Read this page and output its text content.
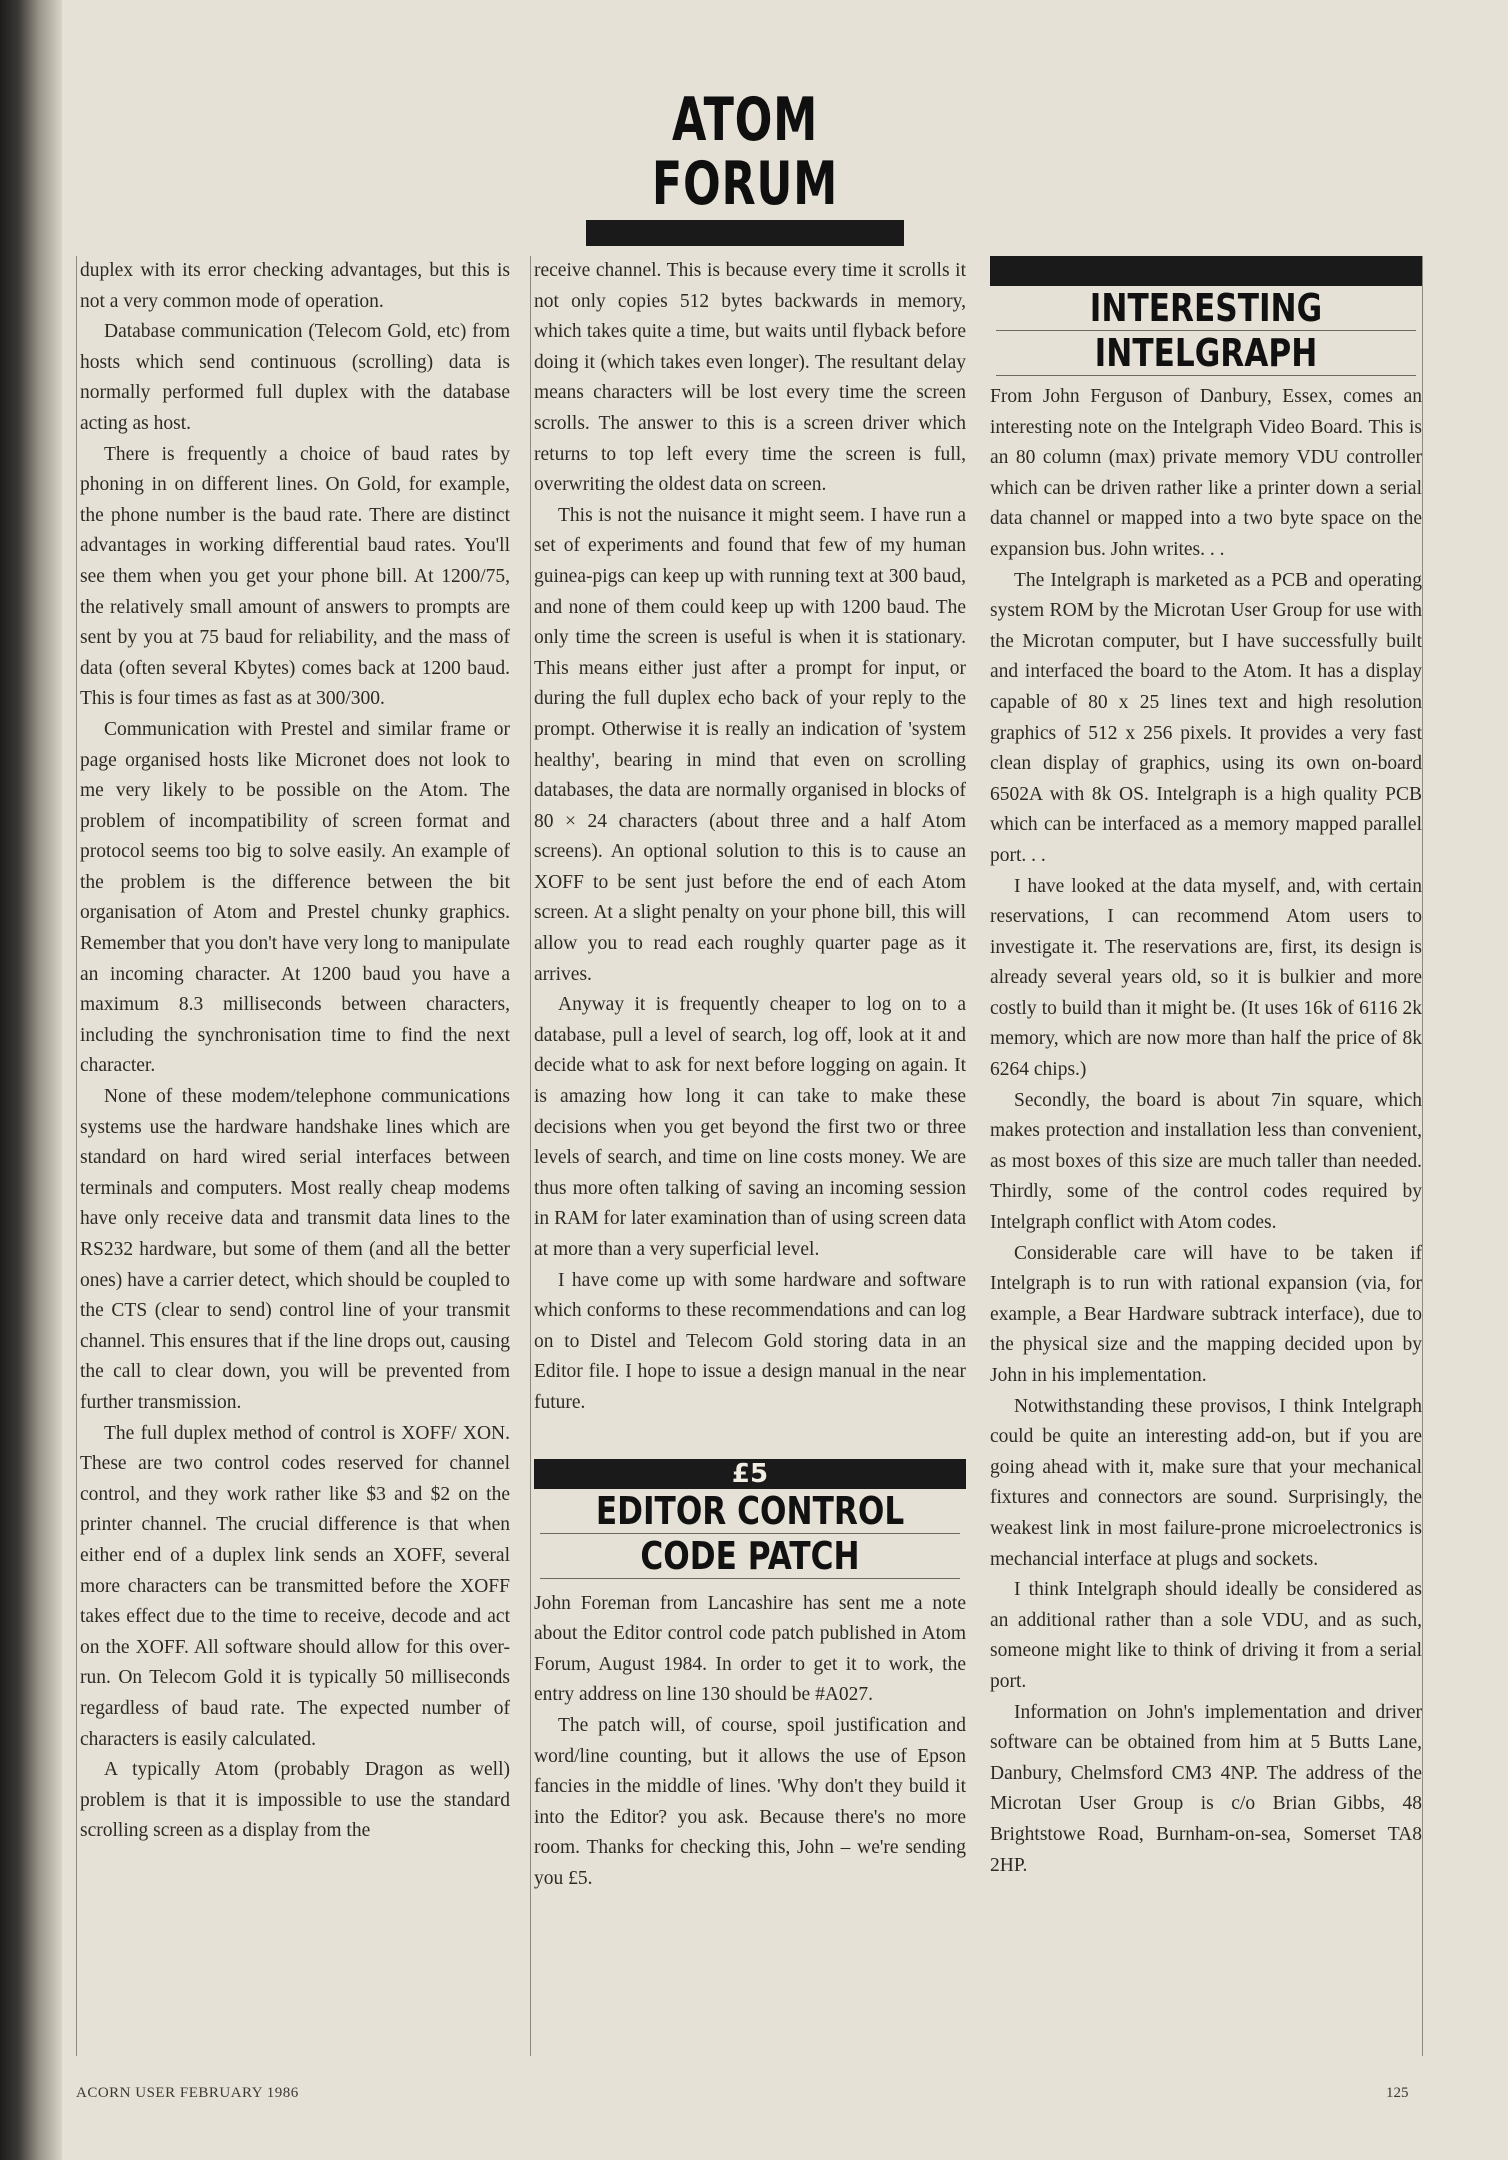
ATOM FORUM

duplex with its error checking advantages, but this is not a very common mode of operation.

Database communication (Telecom Gold, etc) from hosts which send continuous (scrolling) data is normally performed full duplex with the database acting as host.

There is frequently a choice of baud rates by phoning in on different lines. On Gold, for example, the phone number is the baud rate. There are distinct advantages in working differential baud rates. You'll see them when you get your phone bill. At 1200/75, the relatively small amount of answers to prompts are sent by you at 75 baud for reliability, and the mass of data (often several Kbytes) comes back at 1200 baud. This is four times as fast as at 300/300.

Communication with Prestel and similar frame or page organised hosts like Micronet does not look to me very likely to be possible on the Atom. The problem of incompatibility of screen format and protocol seems too big to solve easily. An example of the problem is the difference between the bit organisation of Atom and Prestel chunky graphics. Remember that you don't have very long to manipulate an incoming character. At 1200 baud you have a maximum 8.3 milliseconds between characters, including the synchronisation time to find the next character.

None of these modem/telephone communications systems use the hardware handshake lines which are standard on hard wired serial interfaces between terminals and computers. Most really cheap modems have only receive data and transmit data lines to the RS232 hardware, but some of them (and all the better ones) have a carrier detect, which should be coupled to the CTS (clear to send) control line of your transmit channel. This ensures that if the line drops out, causing the call to clear down, you will be prevented from further transmission.

The full duplex method of control is XOFF/ XON. These are two control codes reserved for channel control, and they work rather like $3 and $2 on the printer channel. The crucial difference is that when either end of a duplex link sends an XOFF, several more characters can be transmitted before the XOFF takes effect due to the time to receive, decode and act on the XOFF. All software should allow for this over-run. On Telecom Gold it is typically 50 milliseconds regardless of baud rate. The expected number of characters is easily calculated.

A typically Atom (probably Dragon as well) problem is that it is impossible to use the standard scrolling screen as a display from the

receive channel. This is because every time it scrolls it not only copies 512 bytes backwards in memory, which takes quite a time, but waits until flyback before doing it (which takes even longer). The resultant delay means characters will be lost every time the screen scrolls. The answer to this is a screen driver which returns to top left every time the screen is full, overwriting the oldest data on screen.

This is not the nuisance it might seem. I have run a set of experiments and found that few of my human guinea-pigs can keep up with running text at 300 baud, and none of them could keep up with 1200 baud. The only time the screen is useful is when it is stationary. This means either just after a prompt for input, or during the full duplex echo back of your reply to the prompt. Otherwise it is really an indication of 'system healthy', bearing in mind that even on scrolling databases, the data are normally organised in blocks of 80 × 24 characters (about three and a half Atom screens). An optional solution to this is to cause an XOFF to be sent just before the end of each Atom screen. At a slight penalty on your phone bill, this will allow you to read each roughly quarter page as it arrives.

Anyway it is frequently cheaper to log on to a database, pull a level of search, log off, look at it and decide what to ask for next before logging on again. It is amazing how long it can take to make these decisions when you get beyond the first two or three levels of search, and time on line costs money. We are thus more often talking of saving an incoming session in RAM for later examination than of using screen data at more than a very superficial level.

I have come up with some hardware and software which conforms to these recommendations and can log on to Distel and Telecom Gold storing data in an Editor file. I hope to issue a design manual in the near future.

£5
EDITOR CONTROL
CODE PATCH

John Foreman from Lancashire has sent me a note about the Editor control code patch published in Atom Forum, August 1984. In order to get it to work, the entry address on line 130 should be #A027.

The patch will, of course, spoil justification and word/line counting, but it allows the use of Epson fancies in the middle of lines. 'Why don't they build it into the Editor? you ask. Because there's no more room. Thanks for checking this, John – we're sending you £5.

INTERESTING
INTELGRAPH

From John Ferguson of Danbury, Essex, comes an interesting note on the Intelgraph Video Board. This is an 80 column (max) private memory VDU controller which can be driven rather like a printer down a serial data channel or mapped into a two byte space on the expansion bus. John writes. . .

The Intelgraph is marketed as a PCB and operating system ROM by the Microtan User Group for use with the Microtan computer, but I have successfully built and interfaced the board to the Atom. It has a display capable of 80 x 25 lines text and high resolution graphics of 512 x 256 pixels. It provides a very fast clean display of graphics, using its own on-board 6502A with 8k OS. Intelgraph is a high quality PCB which can be interfaced as a memory mapped parallel port. . .

I have looked at the data myself, and, with certain reservations, I can recommend Atom users to investigate it. The reservations are, first, its design is already several years old, so it is bulkier and more costly to build than it might be. (It uses 16k of 6116 2k memory, which are now more than half the price of 8k 6264 chips.)

Secondly, the board is about 7in square, which makes protection and installation less than convenient, as most boxes of this size are much taller than needed. Thirdly, some of the control codes required by Intelgraph conflict with Atom codes.

Considerable care will have to be taken if Intelgraph is to run with rational expansion (via, for example, a Bear Hardware subtrack interface), due to the physical size and the mapping decided upon by John in his implementation.

Notwithstanding these provisos, I think Intelgraph could be quite an interesting add-on, but if you are going ahead with it, make sure that your mechanical fixtures and connectors are sound. Surprisingly, the weakest link in most failure-prone microelectronics is mechancial interface at plugs and sockets.

I think Intelgraph should ideally be considered as an additional rather than a sole VDU, and as such, someone might like to think of driving it from a serial port.

Information on John's implementation and driver software can be obtained from him at 5 Butts Lane, Danbury, Chelmsford CM3 4NP. The address of the Microtan User Group is c/o Brian Gibbs, 48 Brightstowe Road, Burnham-on-sea, Somerset TA8 2HP.

ACORN USER FEBRUARY 1986	125
